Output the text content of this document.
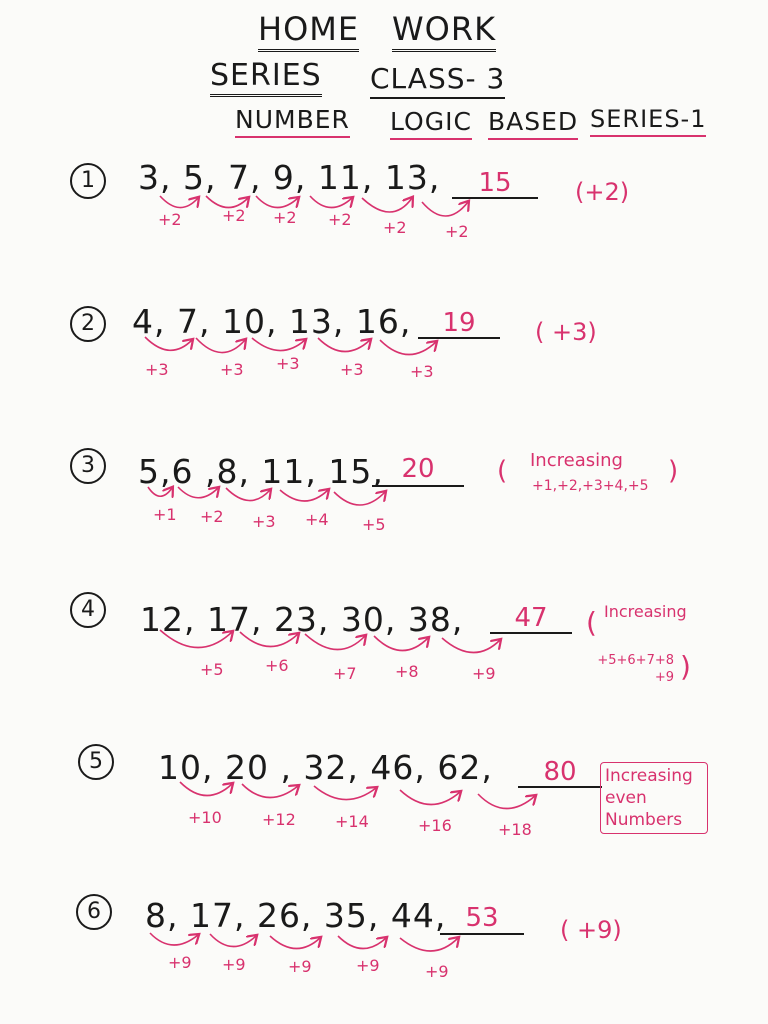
HOME WORK
SERIES CLASS- 3
NUMBER LOGIC BASED SERIES-1
1	3, 5, 7, 9, 11, 13,	15	(+2)
+2	+2 +2 +2 +2 +2
2	4, 7, 10, 13, 16,	19	( +3)
+3	+3 +3	+3	+3
3	5,6 ,8, 11, 15, 20	( Increasing
+1,+2,+3+4,+5 )
+1 +2 +3 +4 +5
4	12, 17, 23, 30, 38,	47	( Increasing
+5+6+7+8 +9 )
+5	+6	+7 +8	+9
5	10, 20 , 32, 46, 62,	80	Increasing even Numbers
+10	+12 +14	+16	+18
6	8, 17, 26, 35, 44, 53	( +9)
+9 +9	+9	+9	+9
